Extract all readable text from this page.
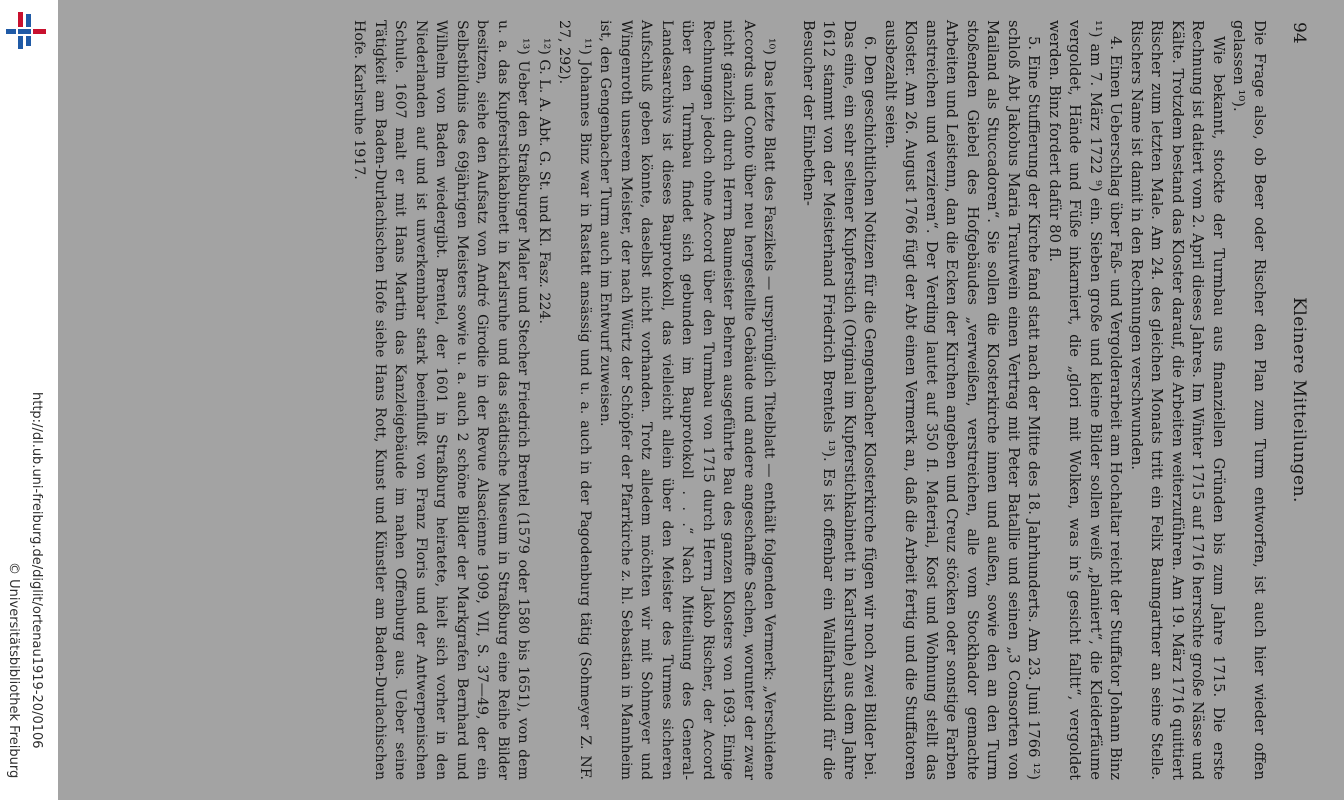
http://dl.ub.uni-freiburg.de/diglit/ortenau1919-20/0106
© Universitätsbibliothek Freiburg
94
Kleinere Mitteilungen.

Die Frage also, ob Beer oder Rischer den Plan zum Turm entworfen, ist auch hier wieder offen gelassen ¹⁰).

Wie bekannt, stockte der Turmbau aus finanziellen Gründen bis zum Jahre 1715. Die erste Rechnung ist datiert vom 2. April dieses Jahres. Im Winter 1715 auf 1716 herrschte große Nässe und Kälte. Trotzdem bestand das Kloster darauf, die Arbeiten weiterzuführen. Am 19. März 1716 quittiert Rischer zum letzten Male. Am 24. des gleichen Monats tritt ein Felix Baumgartner an seine Stelle. Rischers Name ist damit in den Rechnungen verschwunden.

4. Einen Ueberschlag über Faß- und Vergolderarbeit am Hochaltar reicht der Stuffator Johann Binz ¹¹) am 7. März 1722 ⁹) ein. Sieben große und kleine Bilder sollen weiß „planiert“, die Kleiderfäume vergoldet, Hände und Füße inkarniert, die „glori mit Wolken, was in's gesicht falltt“, vergoldet werden. Binz fordert dafür 80 fl.

5. Eine Stuffierung der Kirche fand statt nach der Mitte des 18. Jahrhunderts. Am 23. Juni 1766 ¹²) schloß Abt Jakobus Maria Trautwein einen Vertrag mit Peter Batallie und seinen „3 Consorten von Mailand als Stuccadoren“. Sie sollen die Klosterkirche innen und außen, sowie den an den Turm stoßenden Giebel des Hofgebäudes „verweißen, verstreichen, alle vom Stockhador gemachte Arbeiten und Leistenn, dan die Ecken der Kirchen angeben und Creuz stöcken oder sonstige Farben anstreichen und verzieren“. Der Verding lautet auf 350 fl. Material, Kost und Wohnung stellt das Kloster. Am 26. August 1766 fügt der Abt einen Vermerk an, daß die Arbeit fertig und die Stuffatoren ausbezahlt seien.

6. Den geschichtlichen Notizen für die Gengenbacher Klosterkirche fügen wir noch zwei Bilder bei. Das eine, ein sehr seltener Kupferstich (Original im Kupferstichkabinett in Karlsruhe) aus dem Jahre 1612 stammt von der Meisterhand Friedrich Brentels ¹³). Es ist offenbar ein Wallfahrtsbild für die Besucher der Einbethen-

¹⁰) Das letzte Blatt des Faszikels — ursprünglich Titelblatt — enthält folgenden Vermerk: „Verschidene Accords und Conto über neu hergestellte Gebäude und andere angeschaffte Sachen, worunter der zwar nicht gänzlich durch Herrn Baumeister Behren ausgeführte Bau des ganzen Klosters von 1693. Einige Rechnungen jedoch ohne Accord über den Turmbau von 1715 durch Herrn Jakob Rischer, der Accord über den Turmbau findet sich gebunden im Bauprotokoll . . .“ Nach Mitteilung des General-Landesarchivs ist dieses Bauprotokoll, das vielleicht allein über den Meister des Turmes sicheren Aufschluß geben könnte, daselbst nicht vorhanden. Trotz alledem möchten wir mit Sohmeyer und Wingenroth unserem Meister, der nach Würtz der Schöpfer der Pfarrkirche z. hl. Sebastian in Mannheim ist, den Gengenbacher Turm auch im Entwurf zuweisen.

¹¹) Johannes Binz war in Rastatt ansässig und u. a. auch in der Pagodenburg tätig (Sohmeyer Z. NF. 27, 292).

¹²) G. L. A. Abt. G. St. und Kl. Fasz. 224.

¹³) Ueber den Straßburger Maler und Stecher Friedrich Brentel (1579 oder 1580 bis 1651), von dem u. a. das Kupferstichkabinett in Karlsruhe und das städtische Museum in Straßburg eine Reihe Bilder besitzen, siehe den Aufsatz von André Girodie in der Revue Alsacienne 1909, VII, S. 37—49, der ein Selbstbildnis des 69jährigen Meisters sowie u. a. auch 2 schöne Bilder der Markgrafen Bernhard und Wilhelm von Baden wiedergibt. Brentel, der 1601 in Straßburg heiratete, hielt sich vorher in den Niederlanden auf und ist unverkennbar stark beeinflußt von Franz Floris und der Antwerpenischen Schule. 1607 malt er mit Hans Martin das Kanzleigebäude im nahen Offenburg aus. Ueber seine Tätigkeit am Baden-Durlachischen Hofe siehe Hans Rott, Kunst und Künstler am Baden-Durlachischen Hofe. Karlsruhe 1917.
